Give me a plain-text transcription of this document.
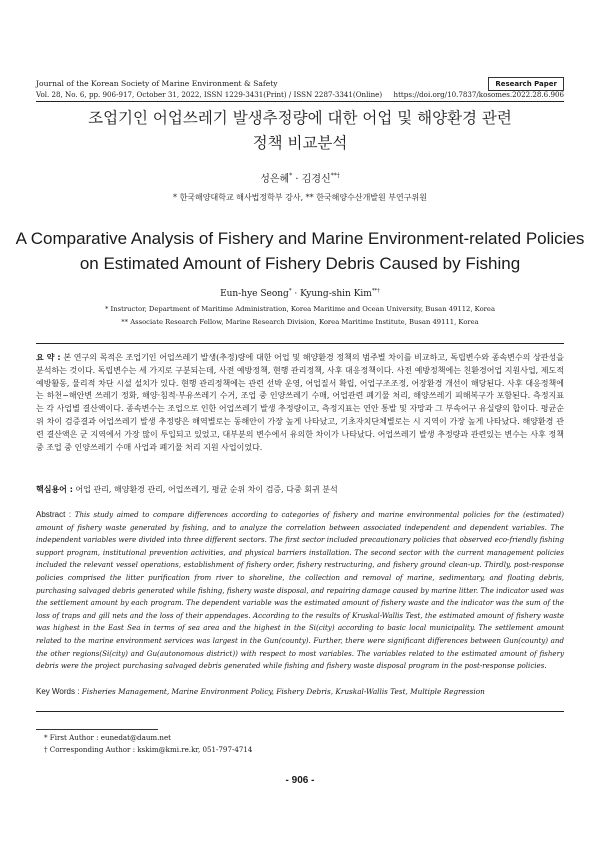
Journal of the Korean Society of Marine Environment & Safety	Research Paper
Vol. 28, No. 6, pp. 906-917, October 31, 2022, ISSN 1229-3431(Print) / ISSN 2287-3341(Online) https://doi.org/10.7837/kosomes.2022.28.6.906
조업기인 어업쓰레기 발생추정량에 대한 어업 및 해양환경 관련
정책 비교분석
성은혜* · 김경신**†
* 한국해양대학교 해사법정학부 강사, ** 한국해양수산개발원 부연구위원
A Comparative Analysis of Fishery and Marine Environment-related Policies
on Estimated Amount of Fishery Debris Caused by Fishing
Eun-hye Seong* · Kyung-shin Kim**†
* Instructor, Department of Maritime Administration, Korea Maritime and Ocean University, Busan 49112, Korea
** Associate Research Fellow, Marine Research Division, Korea Maritime Institute, Busan 49111, Korea
요 약 : 본 연구의 목적은 조업기인 어업쓰레기 발생(추정)량에 대한 어업 및 해양환경 정책의 범주별 차이를 비교하고, 독립변수와 종속변수의 상관성을 분석하는 것이다. 독립변수는 세 가지로 구분되는데, 사전 예방정책, 현행 관리정책, 사후 대응정책이다. 사전 예방정책에는 친환경어업 지원사업, 제도적 예방활동, 물리적 차단 시설 설치가 있다. 현행 관리정책에는 관련 선박 운영, 어업질서 확립, 어업구조조정, 어장환경 개선이 해당된다. 사후 대응정책에는 하천~해안변 쓰레기 정화, 해양·침적·부유쓰레기 수거, 조업 중 인양쓰레기 수매, 어업관련 폐기물 처리, 해양쓰레기 피해복구가 포함된다. 측정지표는 각 사업별 결산액이다. 종속변수는 조업으로 인한 어업쓰레기 발생 추정량이고, 측정지표는 연안 통발 및 자망과 그 부속어구 유실량의 합이다. 평균순위 차이 검증결과 어업쓰레기 발생 추정량은 해역별로는 동해안이 가장 높게 나타났고, 기초자치단체별로는 시 지역이 가장 높게 나타났다. 해양환경 관련 결산액은 군 지역에서 가장 많이 투입되고 있었고, 대부분의 변수에서 유의한 차이가 나타났다. 어업쓰레기 발생 추정량과 관련있는 변수는 사후 정책 중 조업 중 인양쓰레기 수매 사업과 폐기물 처리 지원 사업이었다.
핵심용어 : 어업 관리, 해양환경 관리, 어업쓰레기, 평균 순위 차이 검증, 다중 회귀 분석
Abstract : This study aimed to compare differences according to categories of fishery and marine environmental policies for the (estimated) amount of fishery waste generated by fishing, and to analyze the correlation between associated independent and dependent variables. The independent variables were divided into three different sectors. The first sector included precautionary policies that observed eco-friendly fishing support program, institutional prevention activities, and physical barriers installation. The second sector with the current management policies included the relevant vessel operations, establishment of fishery order, fishery restructuring, and fishery ground clean-up. Thirdly, post-response policies comprised the litter purification from river to shoreline, the collection and removal of marine, sedimentary, and floating debris, purchasing salvaged debris generated while fishing, fishery waste disposal, and repairing damage caused by marine litter. The indicator used was the settlement amount by each program. The dependent variable was the estimated amount of fishery waste and the indicator was the sum of the loss of traps and gill nets and the loss of their appendages. According to the results of Kruskal-Wallis Test, the estimated amount of fishery waste was highest in the East Sea in terms of sea area and the highest in the Si(city) according to basic local municipality. The settlement amount related to the marine environment services was largest in the Gun(county). Further, there were significant differences between Gun(county) and the other regions(Si(city) and Gu(autonomous district)) with respect to most variables. The variables related to the estimated amount of fishery debris were the project purchasing salvaged debris generated while fishing and fishery waste disposal program in the post-response policies.
Key Words : Fisheries Management, Marine Environment Policy, Fishery Debris, Kruskal-Wallis Test, Multiple Regression
* First Author : eunedat@daum.net
† Corresponding Author : kskim@kmi.re.kr, 051-797-4714
- 906 -
